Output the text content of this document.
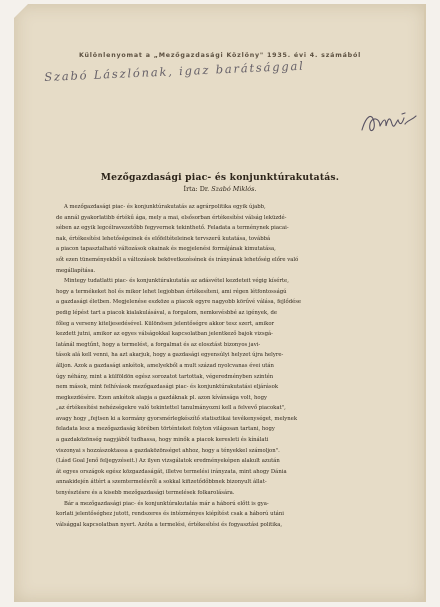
Különlenyomat a „Mezőgazdasági Közlöny" 1935. évi 4. számából
Szabó Lászlónak, igaz barátsággal
Mezőgazdasági piac- és konjunktúrakutatás.
Írta: Dr. Szabó Miklós.

A mezőgazdasági piac- és konjunktúrakutatás az agrárpolitika egyik újabb,
de annál gyakorlatibb értékű ága, mely a mai, elsősorban értékesítési válság leküzdé-
sében az egyik legcélravezetőbb fegyvernek tekinthető. Feladata a terménynek piacai-
nak, értékesítési lehetőségeinek és előfeltételeinek tervszerű kutatása, továbbá
a piacon tapasztalható változások okainak és megjelenési formájának kimutatása,
sőt ezen tüneményekből a változások bekövetkezésének és irányának lehetőség előre való
megállapítása.

Mintegy tudatlatti piac- és konjunktúrakutatás az adásvétel kezdeteit végig kísérte,
hogy a termékeket hol és mikor lehet legjobban értékesíteni, ami régen létfontosságú
a gazdasági életben. Megjelenése eszköze a piacok egyre nagyobb körűvé válása, fejlődése
pedig lépést tart a piacok kialakulásával, a forgalom, nemkevésbbé az igények, de
főleg a verseny kiteljesedésével. Különösen jelentőségre akkor tesz szert, amikor
kezdett jutni, amikor az egyes válságokkal kapcsolatban jelentkező bajok vizsgá-
latánál megtűnt, hogy a termelést, a forgalmat és az elosztást bizonyos javi-
tások alá kell venni, ha azt akarjuk, hogy a gazdasági egyensúlyi helyzet újra helyre-
álljon. Azok a gazdasági ankétok, amelyekből a mult század nyolcvanas évei után
úgy néhány, mint a külföldön egész sorozatot tartottak, végeredményben szintén
nem mások, mint felhívások mezőgazdasági piac- és konjunktúrakutatási eljárások
megkezdésére. Ezen ankétok alapja a gazdáknak pl. azon kívánsága volt, hogy
„az értékesítési nehézségekre való tekintettel tanulmányozni kell a felvevő piacokat",
avagy hogy „fejtsen ki a kormány gyorsmérlegkészítő statisztikai tevékenységet, melynek
feladata lesz a mezőgazdaság körében történteket folyton világosan tartani, hogy
a gazdaközönség nagyjából tudhassa, hogy minők a piacok keresleti és kínálati
viszonyai s hozzászoktassa a gazdaközönséget ahhoz, hogy a tényekkel számoljon".
(Lásd Goal Jenő feljegyzéseit.) Az ilyen vizsgálatok eredményeképen alakult azután
át egyes országok egész közgazdaságát, illetve termelési irányzata, mint ahogy Dánia
annakidején áttért a szemtermelésről a sokkal kifizetődőbbnek bizonyult állat-
tenyésztésre és a kisebb mezőgazdasági termelések folkarolására.

Bár a mezőgazdasági piac- és konjunktúrakutatás már a háború előtt is gya-
korlati jelentőséghez jutott, rendszeres és intézményes kiépítést csak a háború utáni
válsággal kapcsolatban nyert. Azóta a termelési, értékesítési és fogyasztási politika,
